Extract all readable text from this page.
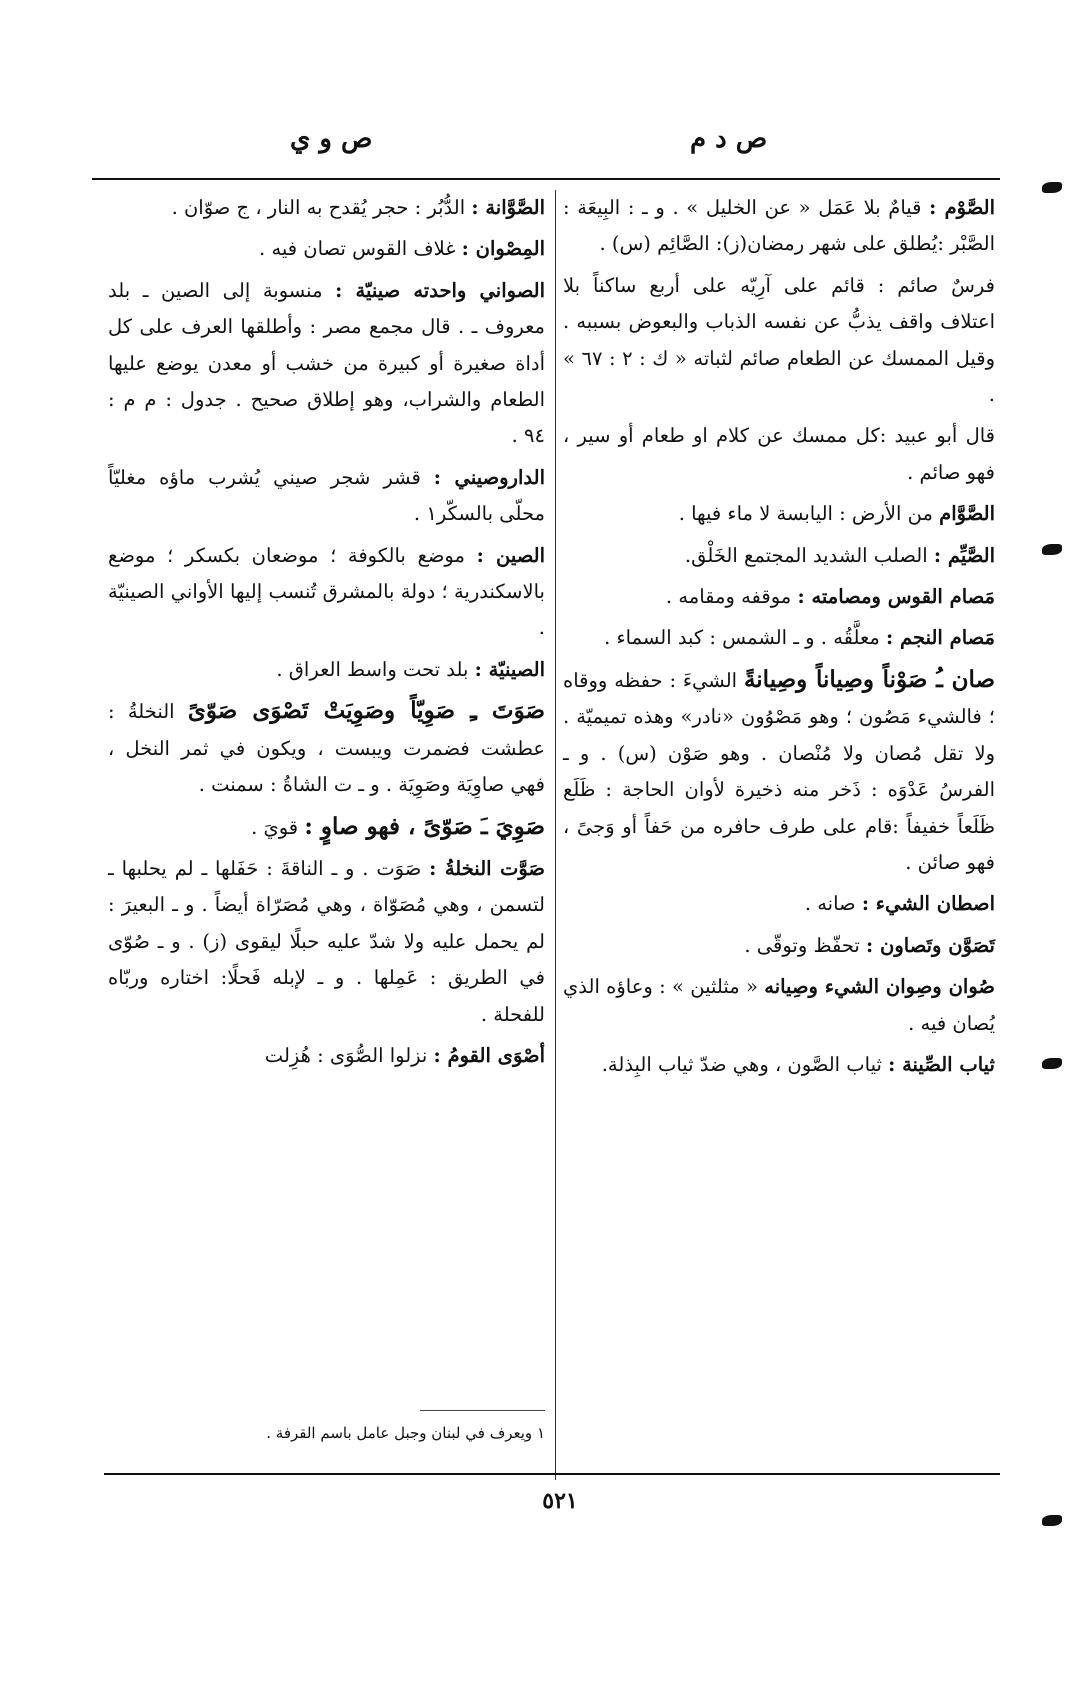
ص د م
ص و ي

الصَّوْم : قيامٌ بلا عَمَل « عن الخليل » . و ـ : البِيعَة : الصَّبْر :يُطلق على شهر رمضان(ز): الصَّائِم (س) .

فرسٌ صائم : قائم على آرِيّه على أربع ساكناً بلا اعتلاف واقف يذبُّ عن نفسه الذباب والبعوض بسببه . وقيل الممسك عن الطعام صائم لثباته « ك : ٢ : ٦٧ » .

قال أبو عبيد :كل ممسك عن كلام او طعام أو سير ، فهو صائم .

الصَّوَّام من الأرض : اليابسة لا ماء فيها .

الصَّيِّم : الصلب الشديد المجتمع الخَلْق.

مَصام القوس ومصامته : موقفه ومقامه .

مَصام النجم : معلَّقُه . و ـ الشمس : كبد السماء .

صان ـُ صَوْناً وصِياناً وصِيانةً الشيءَ : حفظه ووقاه ؛ فالشيء مَصُون ؛ وهو مَصْوُون «نادر» وهذه تميميّة . ولا تقل مُصان ولا مُنْصان . وهو صَوْن (س) . و ـ الفرسُ عَدْوَه : ذَخر منه ذخيرة لأوان الحاجة : ظَلَع ظَلَعاً خفيفاً :قام على طرف حافره من حَفاً أو وَجىً ، فهو صائن .

اصطان الشيء : صانه .

تَصَوَّن وتَصاون : تحفّظ وتوقّى .

صُوان وصِوان الشيء وصِيانه « مثلثين » : وعاؤه الذي يُصان فيه .

ثياب الصِّينة : ثياب الصَّون ، وهي ضدّ ثياب البِذلة.

الصَّوَّانة : الدُّبُر : حجر يُقدح به النار ، ج صوّان .

المِصْوان : غلاف القوس تصان فيه .

الصواني واحدته صينيّة : منسوبة إلى الصين ـ بلد معروف ـ . قال مجمع مصر : وأطلقها العرف على كل أداة صغيرة أو كبيرة من خشب أو معدن يوضع عليها الطعام والشراب، وهو إطلاق صحيح . جدول : م م : ٩٤ .

الداروصيني : قشر شجر صيني يُشرب ماؤه مغليّاً محلّى بالسكّر١ .

الصين : موضع بالكوفة ؛ موضعان بكسكر ؛ موضع بالاسكندرية ؛ دولة بالمشرق تُنسب إليها الأواني الصينيّة .

الصينيّة : بلد تحت واسط العراق .

صَوَتَ ـِ صَوِيّاً وصَوِيَتْ تَصْوَى صَوّىً النخلةُ : عطشت فضمرت ويبست ، ويكون في ثمر النخل ، فهي صاوِيَة وصَوِيَة . و ـ ت الشاةُ : سمنت .

صَوِيَ ـَ صَوّىً ، فهو صاوٍ : قويَ .

صَوَّت النخلةُ : صَوَت . و ـ الناقةَ : حَفَلها ـ لم يحلبها ـ لتسمن ، وهي مُصَوّاة ، وهي مُصَرّاة أيضاً . و ـ البعيرَ : لم يحمل عليه ولا شدّ عليه حبلًا ليقوى (ز) . و ـ صُوّى في الطريق : عَمِلها . و ـ لإبله فَحلًا: اختاره وربّاه للفحلة .

أصْوَى القومُ : نزلوا الصُّوَى : هُزِلت

١ ويعرف في لبنان وجبل عامل باسم القرفة .
٥٢١
